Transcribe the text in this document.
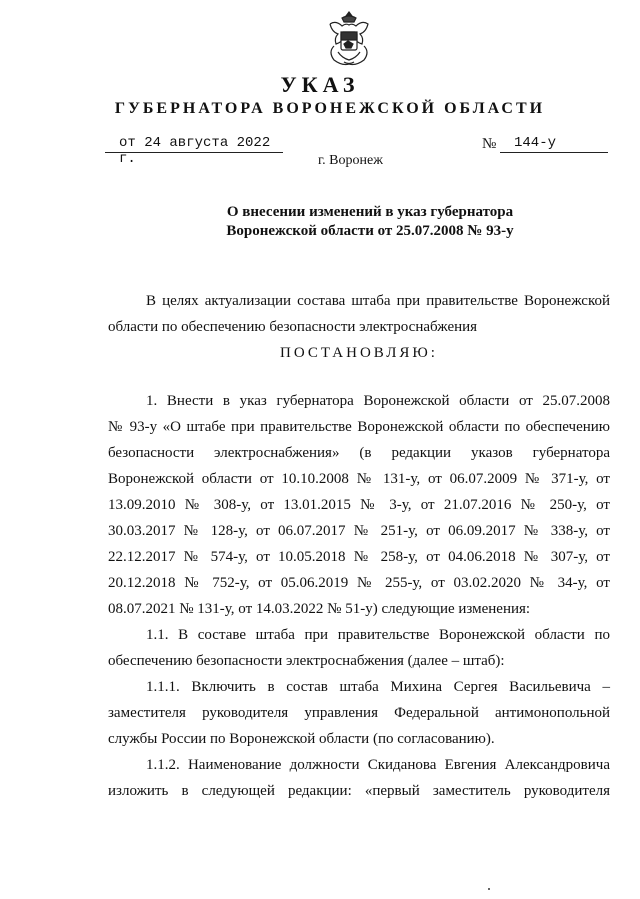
УКАЗ
ГУБЕРНАТОРА ВОРОНЕЖСКОЙ ОБЛАСТИ
от 24 августа 2022 г.
№	144-у
г. Воронеж
О внесении изменений в указ губернатора
Воронежской области от 25.07.2008 № 93-у

В целях актуализации состава штаба при правительстве Воронежской

области по обеспечению безопасности электроснабжения

ПОСТАНОВЛЯЮ:

1. Внести в указ губернатора Воронежской области от 25.07.2008

№ 93-у «О штабе при правительстве Воронежской области по обеспечению

безопасности электроснабжения» (в редакции указов губернатора

Воронежской области от 10.10.2008 № 131-у, от 06.07.2009 № 371-у, от

13.09.2010 № 308-у, от 13.01.2015 № 3-у, от 21.07.2016 № 250-у, от

30.03.2017 № 128-у, от 06.07.2017 № 251-у, от 06.09.2017 № 338-у, от

22.12.2017 № 574-у, от 10.05.2018 № 258-у, от 04.06.2018 № 307-у, от

20.12.2018 № 752-у, от 05.06.2019 № 255-у, от 03.02.2020 № 34-у, от

08.07.2021 № 131-у, от 14.03.2022 № 51-у) следующие изменения:

1.1. В составе штаба при правительстве Воронежской области по

обеспечению безопасности электроснабжения (далее – штаб):

1.1.1. Включить в состав штаба Михина Сергея Васильевича –

заместителя руководителя управления Федеральной антимонопольной

службы России по Воронежской области (по согласованию).

1.1.2. Наименование должности Скиданова Евгения Александровича

изложить в следующей редакции: «первый заместитель руководителя
